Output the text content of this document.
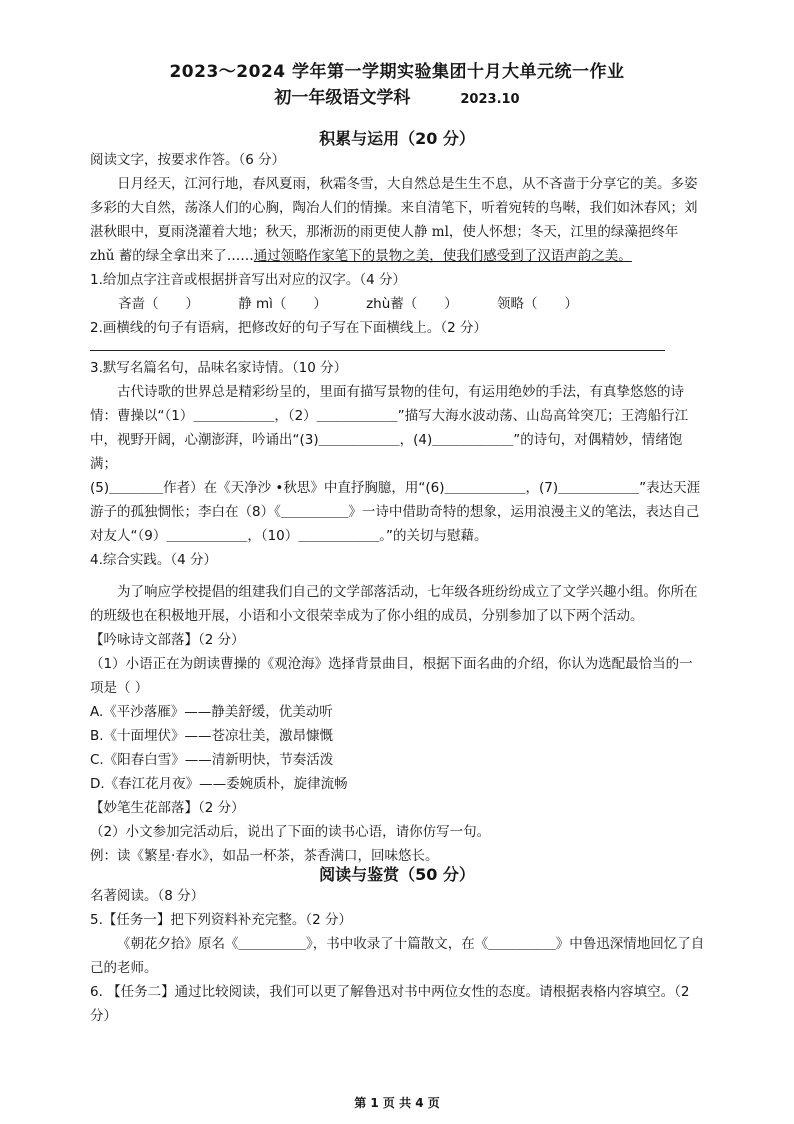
2023～2024 学年第一学期实验集团十月大单元统一作业
初一年级语文学科	2023.10
积累与运用（20 分）
阅读文字，按要求作答。（6 分）
日月经天，江河行地，春风夏雨，秋霜冬雪，大自然总是生生不息，从不吝啬于分享它的美。多姿多彩的大自然，荡涤人们的心胸，陶冶人们的情操。来自清笔下，听着宛转的鸟啭，我们如沐春风；刘湛秋眼中，夏雨浇灌着大地；秋天，那淅沥的雨更使人静 ml，使人怀想；冬天，江里的绿藻挹终年 zhǔ 蓄的绿全拿出来了……通过领略作家笔下的景物之美，使我们感受到了汉语声韵之美。
1.给加点字注音或根据拼音写出对应的汉字。（4 分）
吝啬（　　）	静 mì（　　）	zhù蓄（　　）	领略（　　）
2.画横线的句子有语病，把修改好的句子写在下面横线上。（2 分）
3.默写名篇名句，品味名家诗情。（10 分）
古代诗歌的世界总是精彩纷呈的，里面有描写景物的佳句，有运用绝妙的手法，有真挚悠悠的诗情：曹操以“（1）＿＿＿＿＿＿，（2）＿＿＿＿＿＿”描写大海水波动荡、山岛高耸突兀；王湾船行江中，视野开阔，心潮澎湃，吟诵出“(3)＿＿＿＿＿＿，(4)＿＿＿＿＿＿”的诗句，对偶精妙，情绪饱满；
(5)＿＿＿＿作者）在《天净沙 •秋思》中直抒胸臆，用“(6)＿＿＿＿＿＿，(7)＿＿＿＿＿＿”表达天涯游子的孤独惆怅；李白在（8）《＿＿＿＿＿》一诗中借助奇特的想象，运用浪漫主义的笔法，表达自己对友人“（9）＿＿＿＿＿＿，（10）＿＿＿＿＿＿。”的关切与慰藉。
4.综合实践。（4 分）
为了响应学校提倡的组建我们自己的文学部落活动，七年级各班纷纷成立了文学兴趣小组。你所在的班级也在积极地开展，小语和小文很荣幸成为了你小组的成员，分别参加了以下两个活动。
【吟咏诗文部落】（2 分）
（1）小语正在为朗读曹操的《观沧海》选择背景曲目，根据下面名曲的介绍，你认为选配最恰当的一项是（ ）
A.《平沙落雁》——静美舒缓，优美动听
B.《十面埋伏》——苍凉壮美，激昂慷慨
C.《阳春白雪》——清新明快，节奏活泼
D.《春江花月夜》——委婉质朴，旋律流畅
【妙笔生花部落】（2 分）
（2）小文参加完活动后，说出了下面的读书心语，请你仿写一句。
例：读《繁星·春水》，如品一杯茶，茶香满口，回味悠长。
阅读与鉴赏（50 分）
名著阅读。（8 分）
5.【任务一】把下列资料补充完整。（2 分）
《朝花夕拾》原名《＿＿＿＿＿》，书中收录了十篇散文，在《＿＿＿＿＿》中鲁迅深情地回忆了自己的老师。
6. 【任务二】通过比较阅读，我们可以更了解鲁迅对书中两位女性的态度。请根据表格内容填空。（2 分）
第 1 页 共 4 页
